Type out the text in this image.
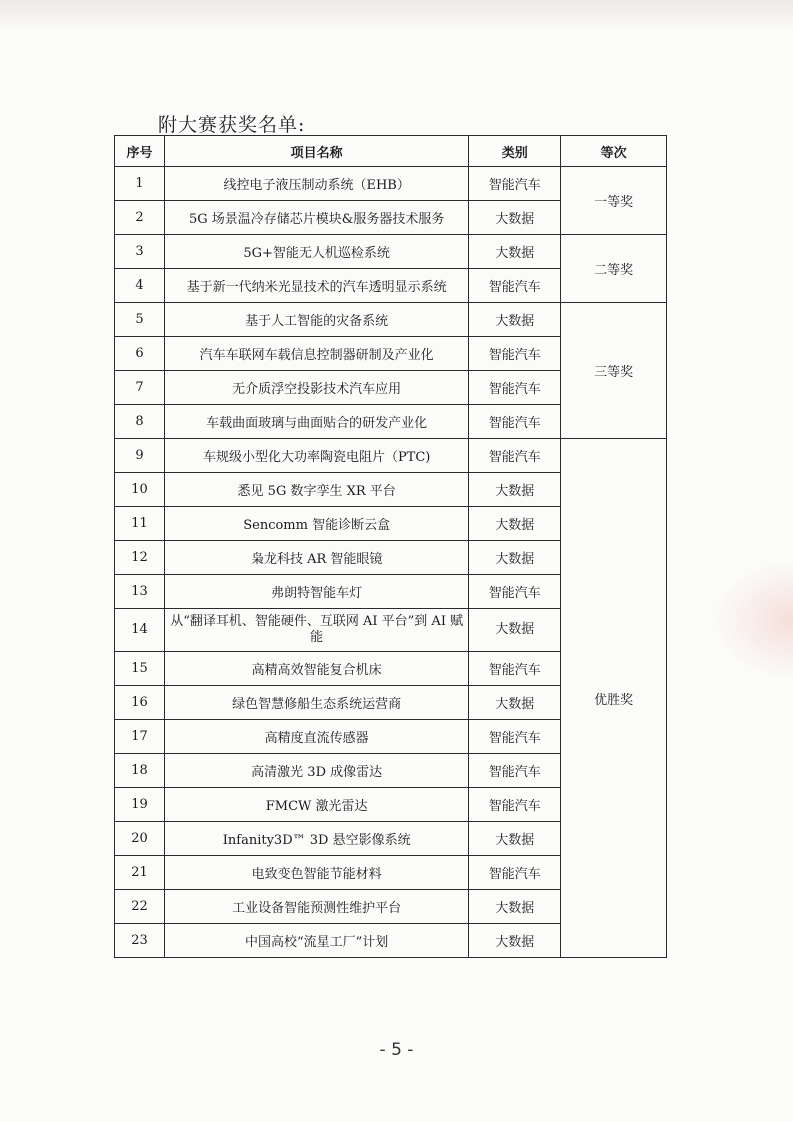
附大赛获奖名单:
序号	项目名称	类别	等次
1	线控电子液压制动系统（EHB）	智能汽车	一等奖
2	5G 场景温冷存储芯片模块&服务器技术服务	大数据	
3	5G+智能无人机巡检系统	大数据	二等奖
4	基于新一代纳米光显技术的汽车透明显示系统	智能汽车	
5	基于人工智能的灾备系统	大数据	三等奖
6	汽车车联网车载信息控制器研制及产业化	智能汽车	
7	无介质浮空投影技术汽车应用	智能汽车	
8	车载曲面玻璃与曲面贴合的研发产业化	智能汽车	
9	车规级小型化大功率陶瓷电阻片（PTC)	智能汽车	优胜奖
10	悉见 5G 数字孪生 XR 平台	大数据	
11	Sencomm 智能诊断云盒	大数据	
12	枭龙科技 AR 智能眼镜	大数据	
13	弗朗特智能车灯	智能汽车	
14	从“翻译耳机、智能硬件、互联网 AI 平台”到 AI 赋能	大数据	
15	高精高效智能复合机床	智能汽车	
16	绿色智慧修船生态系统运营商	大数据	
17	高精度直流传感器	智能汽车	
18	高清激光 3D 成像雷达	智能汽车	
19	FMCW 激光雷达	智能汽车	
20	Infanity3D™ 3D 悬空影像系统	大数据	
21	电致变色智能节能材料	智能汽车	
22	工业设备智能预测性维护平台	大数据	
23	中国高校“流星工厂”计划	大数据	
- 5 -
